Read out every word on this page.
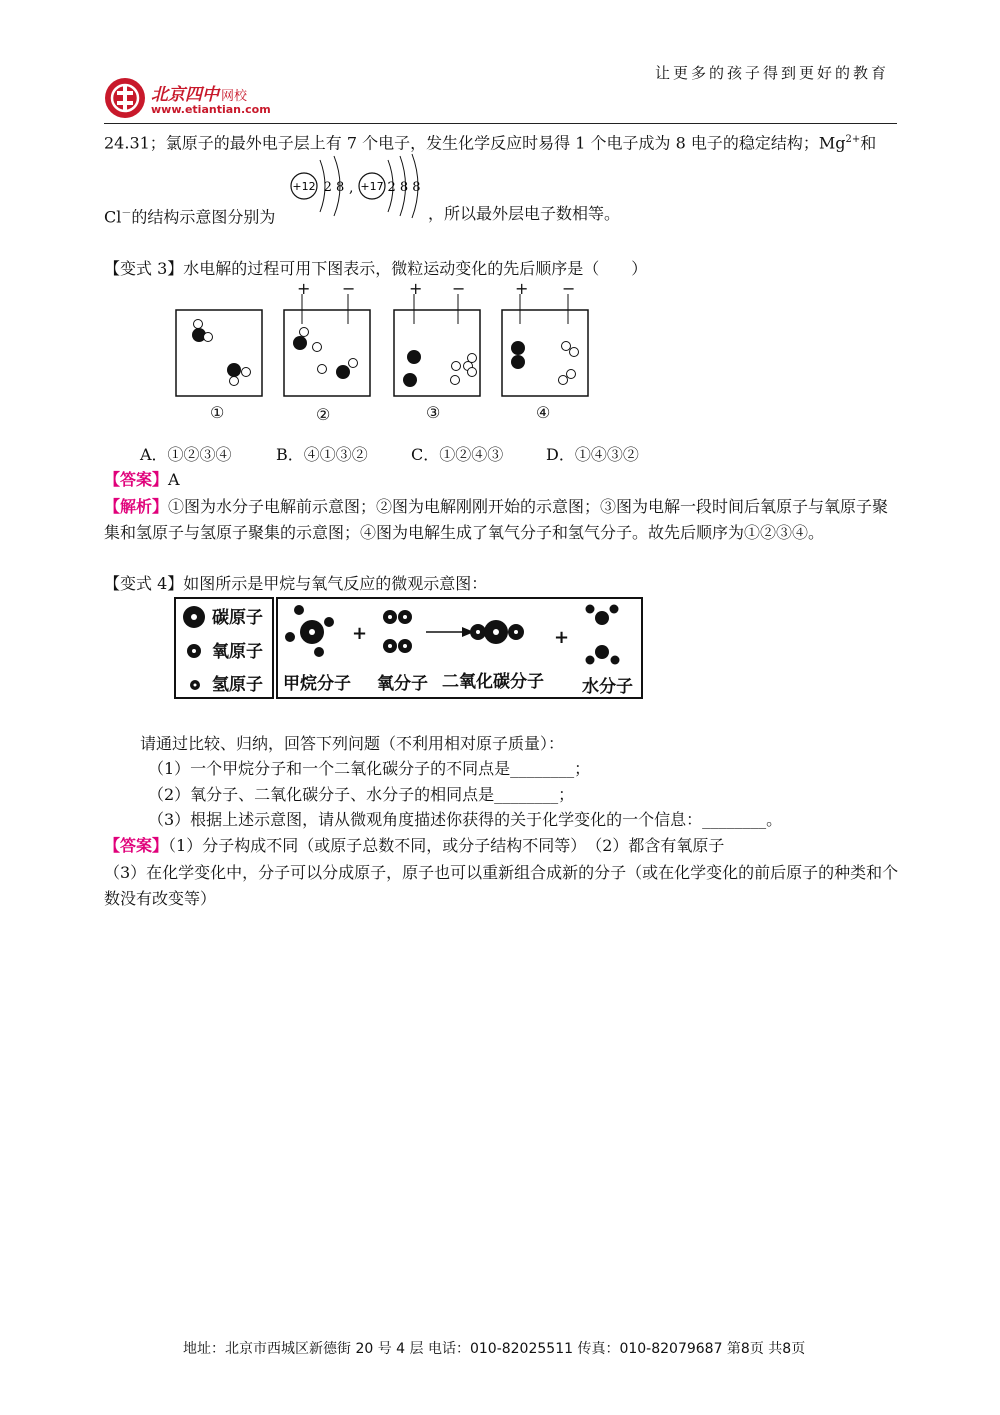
让更多的孩子得到更好的教育
北京四中 网校
www.etiantian.com
24.31；氯原子的最外电子层上有 7 个电子，发生化学反应时易得 1 个电子成为 8 电子的稳定结构；$Mg^{2+}$和
+12 2 8 , +17 2 8 8
Cl－的结构示意图分别为	，所以最外层电子数相等。
【变式 3】水电解的过程可用下图表示，微粒运动变化的先后顺序是（　　）
+ −	+ −	+ −
①	②	③	④
A．①②③④	B．④①③②	C．①②④③	D．①④③②
【答案】A
【解析】①图为水分子电解前示意图；②图为电解刚刚开始的示意图；③图为电解一段时间后氧原子与氧原子聚集和氢原子与氢原子聚集的示意图；④图为电解生成了氧气分子和氢气分子。故先后顺序为①②③④。
【变式 4】如图所示是甲烷与氧气反应的微观示意图：
碳原子
氧原子
氢原子
+	+
甲烷分子 氧分子 二氧化碳分子 水分子
请通过比较、归纳，回答下列问题（不利用相对原子质量）：
（1）一个甲烷分子和一个二氧化碳分子的不同点是________；
（2）氧分子、二氧化碳分子、水分子的相同点是________；
（3）根据上述示意图，请从微观角度描述你获得的关于化学变化的一个信息：________。
【答案】（1）分子构成不同（或原子总数不同，或分子结构不同等）　（2）都含有氧原子
（3）在化学变化中，分子可以分成原子，原子也可以重新组合成新的分子（或在化学变化的前后原子的种类和个数没有改变等）
地址：北京市西城区新德街 20 号 4 层 电话：010-82025511 传真：010-82079687 第8页 共8页
